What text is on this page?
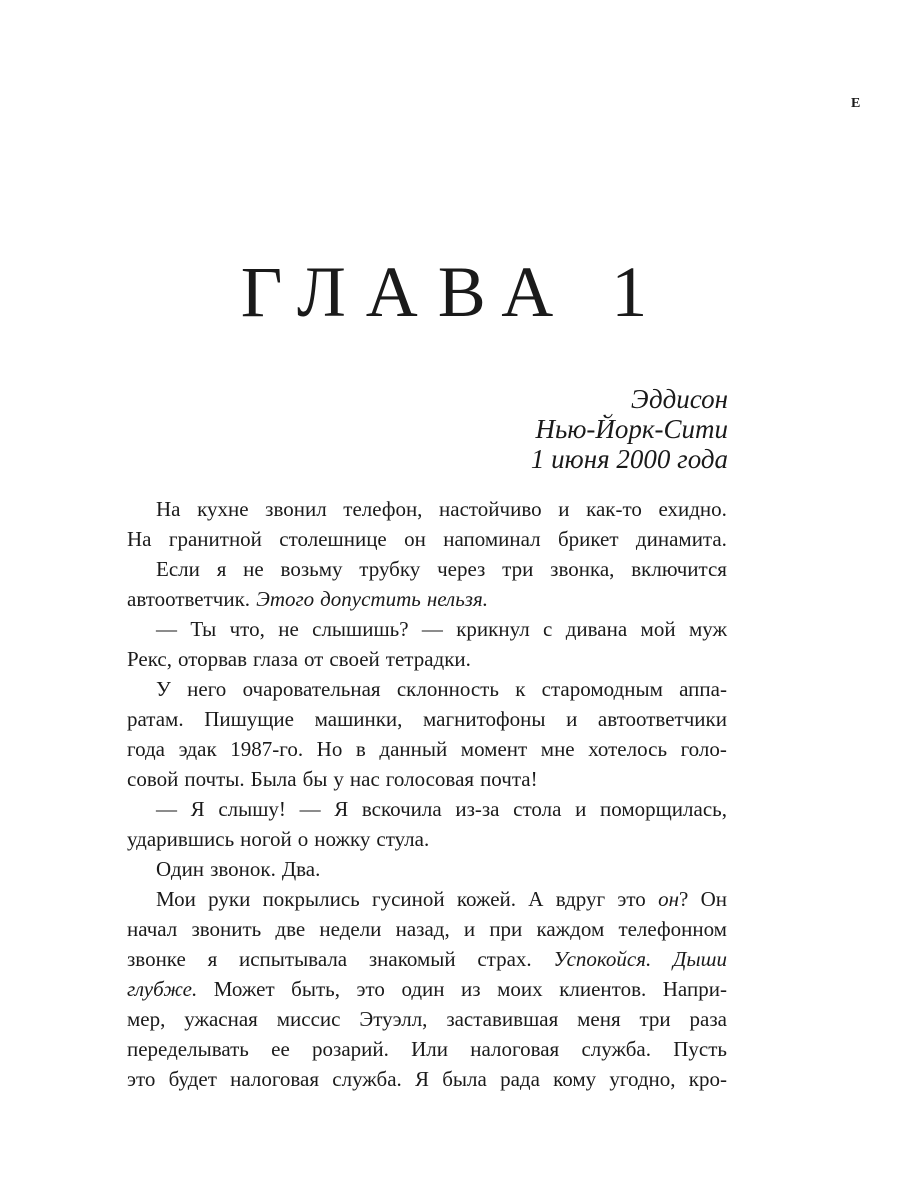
Е
ГЛАВА 1
Эддисон
Нью-Йорк-Сити
1 июня 2000 года
На кухне звонил телефон, настойчиво и как-то ехидно.
На гранитной столешнице он напоминал брикет динамита.
Если я не возьму трубку через три звонка, включится
автоответчик. Этого допустить нельзя.
— Ты что, не слышишь? — крикнул с дивана мой муж
Рекс, оторвав глаза от своей тетрадки.
У него очаровательная склонность к старомодным аппа-
ратам. Пишущие машинки, магнитофоны и автоответчики
года эдак 1987-го. Но в данный момент мне хотелось голо-
совой почты. Была бы у нас голосовая почта!
— Я слышу! — Я вскочила из-за стола и поморщилась,
ударившись ногой о ножку стула.
Один звонок. Два.
Мои руки покрылись гусиной кожей. А вдруг это он? Он
начал звонить две недели назад, и при каждом телефонном
звонке я испытывала знакомый страх. Успокойся. Дыши
глубже. Может быть, это один из моих клиентов. Напри-
мер, ужасная миссис Этуэлл, заставившая меня три раза
переделывать ее розарий. Или налоговая служба. Пусть
это будет налоговая служба. Я была рада кому угодно, кро-
